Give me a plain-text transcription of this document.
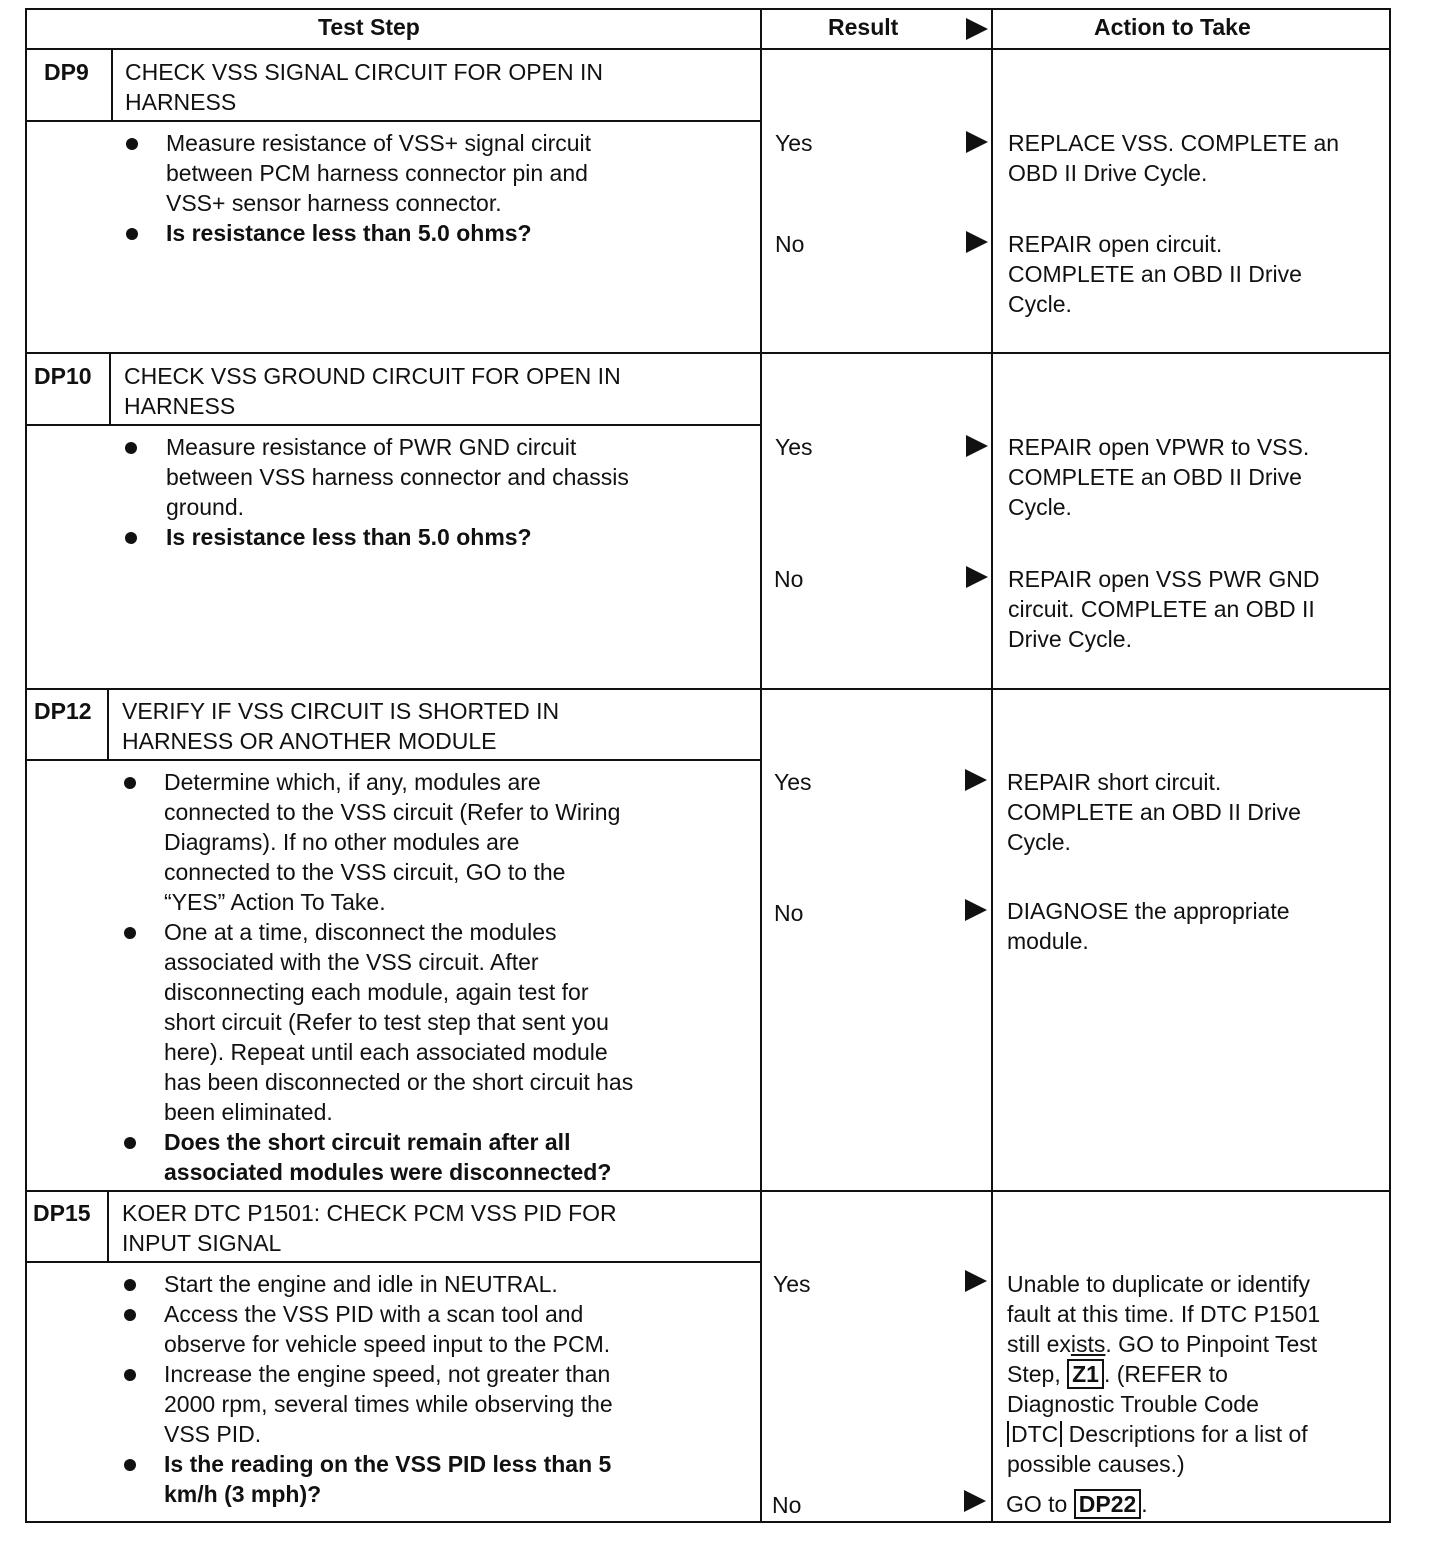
Test Step	Result	Action to Take
DP9 CHECK VSS SIGNAL CIRCUIT FOR OPEN IN
HARNESS
Measure resistance of VSS+ signal circuit
between PCM harness connector pin and
VSS+ sensor harness connector.
Is resistance less than 5.0 ohms?
Yes	REPLACE VSS. COMPLETE an
OBD II Drive Cycle.
No	REPAIR open circuit.
COMPLETE an OBD II Drive
Cycle.
DP10 CHECK VSS GROUND CIRCUIT FOR OPEN IN
HARNESS
Measure resistance of PWR GND circuit
between VSS harness connector and chassis
ground.
Is resistance less than 5.0 ohms?
Yes	REPAIR open VPWR to VSS.
COMPLETE an OBD II Drive
Cycle.
No	REPAIR open VSS PWR GND
circuit. COMPLETE an OBD II
Drive Cycle.
DP12 VERIFY IF VSS CIRCUIT IS SHORTED IN
HARNESS OR ANOTHER MODULE
Determine which, if any, modules are
connected to the VSS circuit (Refer to Wiring
Diagrams). If no other modules are
connected to the VSS circuit, GO to the
“YES” Action To Take.
One at a time, disconnect the modules
associated with the VSS circuit. After
disconnecting each module, again test for
short circuit (Refer to test step that sent you
here). Repeat until each associated module
has been disconnected or the short circuit has
been eliminated.
Does the short circuit remain after all
associated modules were disconnected?
Yes	REPAIR short circuit.
COMPLETE an OBD II Drive
Cycle.
No	DIAGNOSE the appropriate
module.
DP15 KOER DTC P1501: CHECK PCM VSS PID FOR
INPUT SIGNAL
Start the engine and idle in NEUTRAL.
Access the VSS PID with a scan tool and
observe for vehicle speed input to the PCM.
Increase the engine speed, not greater than
2000 rpm, several times while observing the
VSS PID.
Is the reading on the VSS PID less than 5
km/h (3 mph)?
Yes	Unable to duplicate or identify
fault at this time. If DTC P1501
still exists. GO to Pinpoint Test
Step, Z1 . (REFER to
Diagnostic Trouble Code
DTC Descriptions for a list of
possible causes.)
No	GO to DP22 .
